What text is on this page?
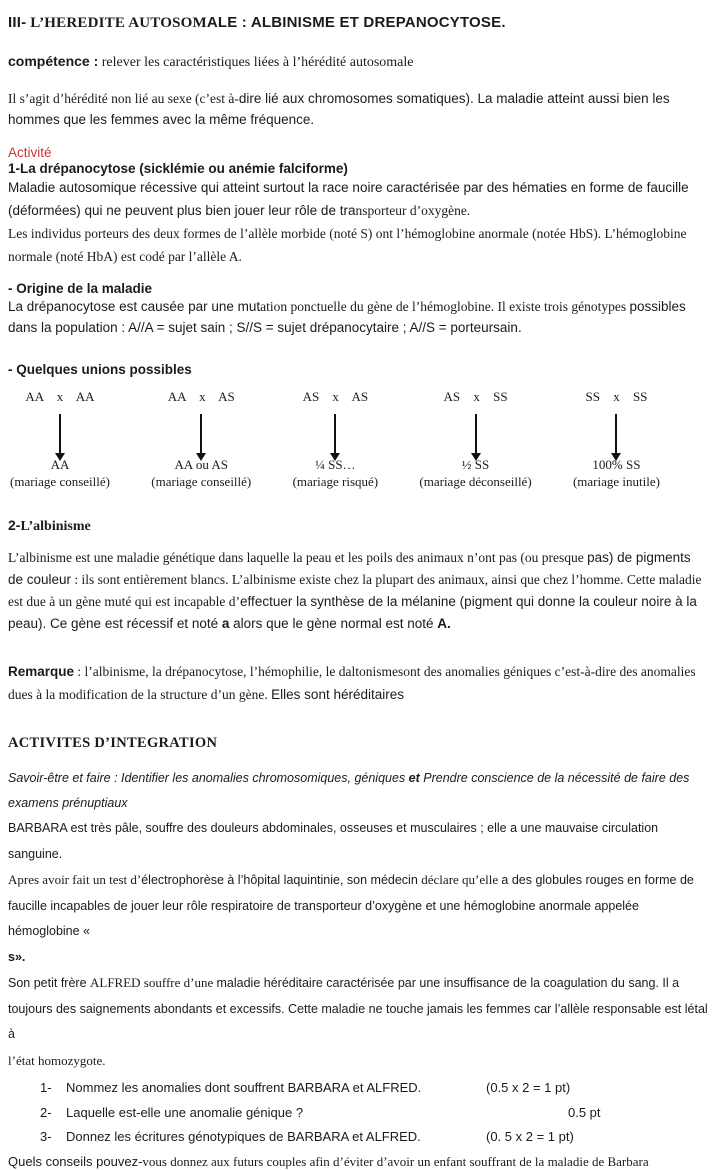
III- L’HEREDITE AUTOSOMALE : ALBINISME ET DREPANOCYTOSE.

compétence : relever les caractéristiques liées à l’hérédité autosomale

Il s’agit d’hérédité non lié au sexe (c’est à-dire lié aux chromosomes somatiques). La maladie atteint aussi bien les hommes que les femmes avec la même fréquence.

Activité

1-La drépanocytose (sicklémie ou anémie falciforme)

Maladie autosomique récessive qui atteint surtout la race noire caractérisée par des hématies en forme de faucille (déformées) qui ne peuvent plus bien jouer leur rôle de transporteur d’oxygène.

Les individus porteurs des deux formes de l’allèle morbide (noté S) ont l’hémoglobine anormale (notée HbS). L’hémoglobine normale (noté HbA) est codé par l’allèle A.

- Origine de la maladie

La drépanocytose est causée par une mutation ponctuelle du gène de l’hémoglobine. Il existe trois génotypes possibles dans la population : A//A = sujet sain ; S//S = sujet drépanocytaire ; A//S = porteursain.

- Quelques unions possibles
AA x AA
AA
(mariage conseillé)
AA x AS
AA ou AS
(mariage conseillé)
AS x AS
¼ SS…
(mariage risqué)
AS x SS
½ SS
(mariage déconseillé)
SS x SS
100% SS
(mariage inutile)
2-L’albinisme

L’albinisme est une maladie génétique dans laquelle la peau et les poils des animaux n’ont pas (ou presque pas) de pigments de couleur : ils sont entièrement blancs. L’albinisme existe chez la plupart des animaux, ainsi que chez l’homme. Cette maladie est due à un gène muté qui est incapable d’effectuer la synthèse de la mélanine (pigment qui donne la couleur noire à la peau). Ce gène est récessif et noté a alors que le gène normal est noté A.

Remarque : l’albinisme, la drépanocytose, l’hémophilie, le daltonismesont des anomalies géniques c’est-à-dire des anomalies dues à la modification de la structure d’un gène. Elles sont héréditaires

ACTIVITES D’INTEGRATION

Savoir-être et faire : Identifier les anomalies chromosomiques, géniques et Prendre conscience de la nécessité de faire des

examens prénuptiaux

BARBARA est très pâle, souffre des douleurs abdominales, osseuses et musculaires ; elle a une mauvaise circulation sanguine.

Apres avoir fait un test d’électrophorèse à l’hôpital laquintinie, son médecin déclare qu’elle a des globules rouges en forme de

faucille incapables de jouer leur rôle respiratoire de transporteur d’oxygène et une hémoglobine anormale appelée hémoglobine «

s».

Son petit frère ALFRED souffre d’une maladie héréditaire caractérisée par une insuffisance de la coagulation du sang. Il a

toujours des saignements abondants et excessifs. Cette maladie ne touche jamais les femmes car l’allèle responsable est létal à

l’état homozygote.

1- Nommez les anomalies dont souffrent BARBARA et ALFRED.	(0.5 x 2 = 1 pt)
2- Laquelle est-elle une anomalie génique ?	0.5 pt
3- Donnez les écritures génotypiques de BARBARA et ALFRED.	(0. 5 x 2 = 1 pt)

Quels conseils pouvez-vous donnez aux futurs couples afin d’éviter d’avoir un enfant souffrant de la maladie de Barbara
